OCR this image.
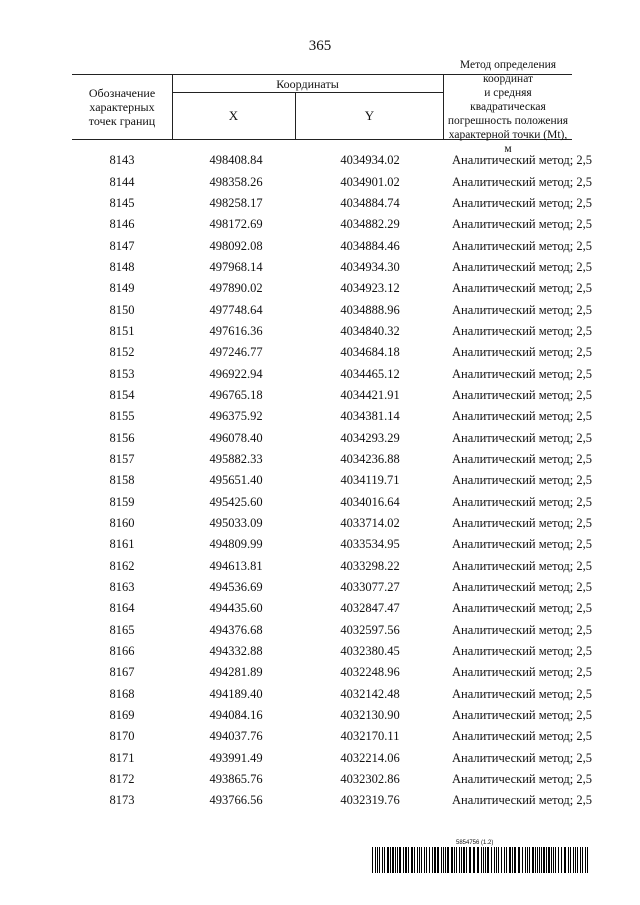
365
Обозначение
характерных
точек границ
Координаты
X	Y
Метод определения координат
и средняя квадратическая
погрешность положения
характерной точки (Mt), м
8143	498408.84	4034934.02	Аналитический метод; 2,5
8144	498358.26	4034901.02	Аналитический метод; 2,5
8145	498258.17	4034884.74	Аналитический метод; 2,5
8146	498172.69	4034882.29	Аналитический метод; 2,5
8147	498092.08	4034884.46	Аналитический метод; 2,5
8148	497968.14	4034934.30	Аналитический метод; 2,5
8149	497890.02	4034923.12	Аналитический метод; 2,5
8150	497748.64	4034888.96	Аналитический метод; 2,5
8151	497616.36	4034840.32	Аналитический метод; 2,5
8152	497246.77	4034684.18	Аналитический метод; 2,5
8153	496922.94	4034465.12	Аналитический метод; 2,5
8154	496765.18	4034421.91	Аналитический метод; 2,5
8155	496375.92	4034381.14	Аналитический метод; 2,5
8156	496078.40	4034293.29	Аналитический метод; 2,5
8157	495882.33	4034236.88	Аналитический метод; 2,5
8158	495651.40	4034119.71	Аналитический метод; 2,5
8159	495425.60	4034016.64	Аналитический метод; 2,5
8160	495033.09	4033714.02	Аналитический метод; 2,5
8161	494809.99	4033534.95	Аналитический метод; 2,5
8162	494613.81	4033298.22	Аналитический метод; 2,5
8163	494536.69	4033077.27	Аналитический метод; 2,5
8164	494435.60	4032847.47	Аналитический метод; 2,5
8165	494376.68	4032597.56	Аналитический метод; 2,5
8166	494332.88	4032380.45	Аналитический метод; 2,5
8167	494281.89	4032248.96	Аналитический метод; 2,5
8168	494189.40	4032142.48	Аналитический метод; 2,5
8169	494084.16	4032130.90	Аналитический метод; 2,5
8170	494037.76	4032170.11	Аналитический метод; 2,5
8171	493991.49	4032214.06	Аналитический метод; 2,5
8172	493865.76	4032302.86	Аналитический метод; 2,5
8173	493766.56	4032319.76	Аналитический метод; 2,5
5854756 (1.2)
